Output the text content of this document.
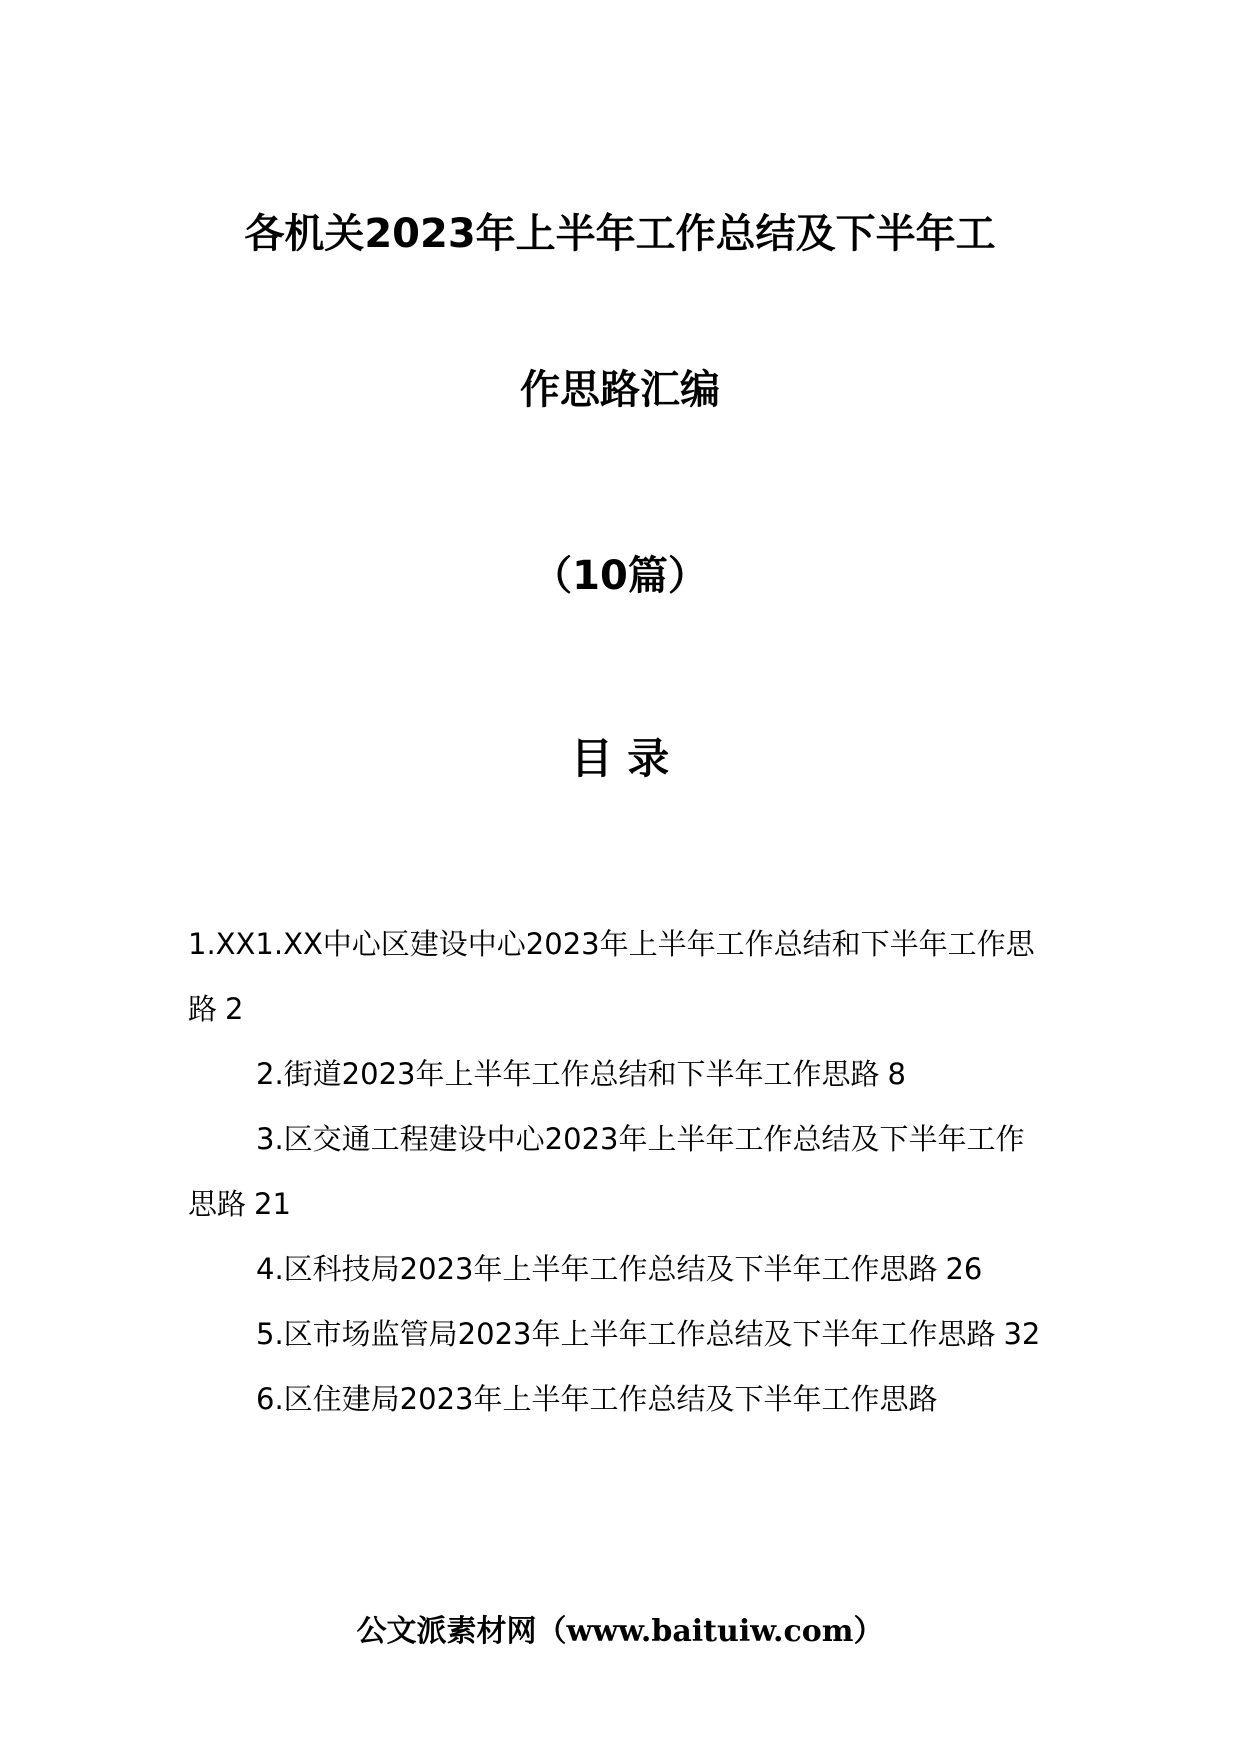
各机关2023年上半年工作总结及下半年工
作思路汇编
（10篇）
目 录
1.XX1.XX中心区建设中心2023年上半年工作总结和下半年工作思路 2
2.街道2023年上半年工作总结和下半年工作思路 8
3.区交通工程建设中心2023年上半年工作总结及下半年工作思路 21
4.区科技局2023年上半年工作总结及下半年工作思路 26
5.区市场监管局2023年上半年工作总结及下半年工作思路 32
6.区住建局2023年上半年工作总结及下半年工作思路
公文派素材网（www.baituiw.com）
